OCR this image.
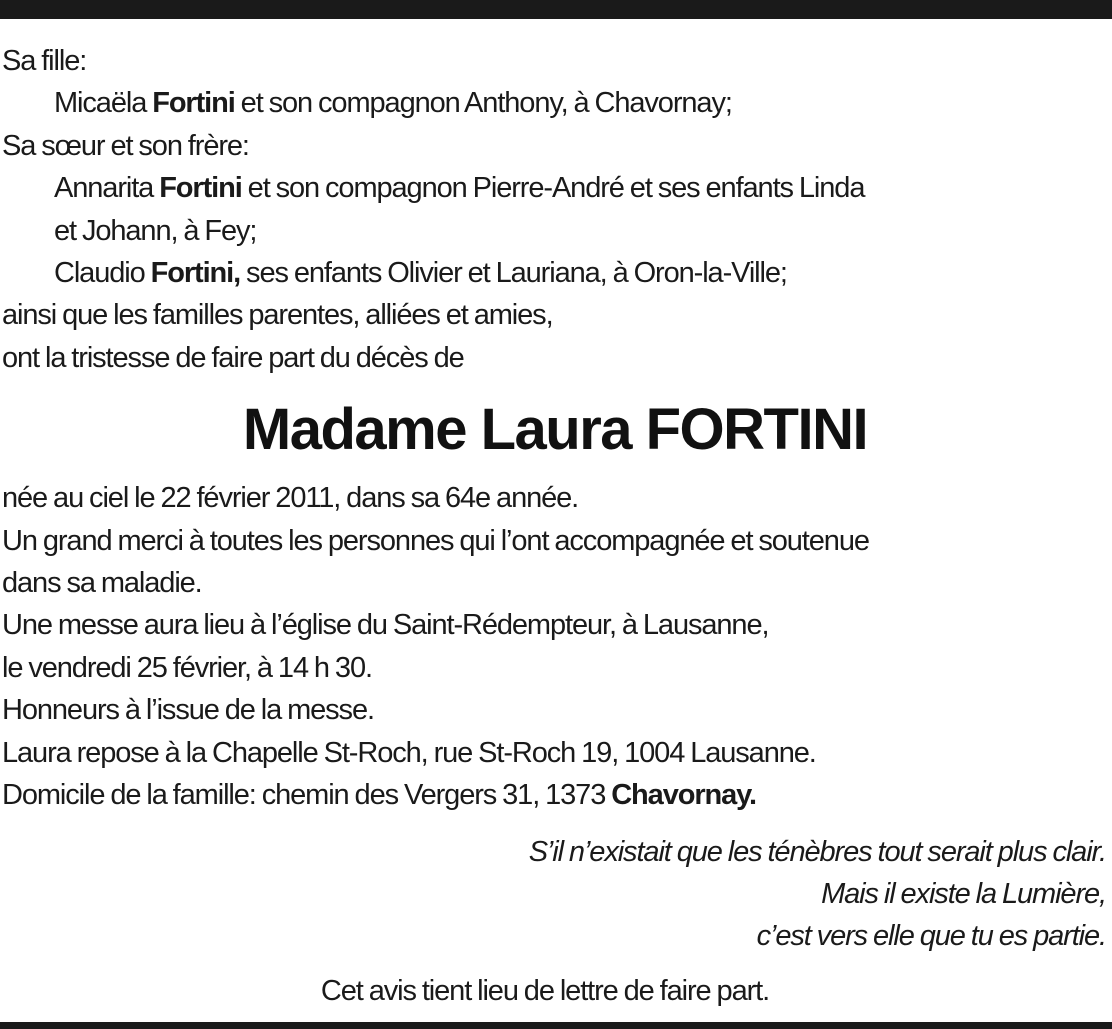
Sa fille:
Micaëla Fortini et son compagnon Anthony, à Chavornay;
Sa sœur et son frère:
Annarita Fortini et son compagnon Pierre-André et ses enfants Linda
et Johann, à Fey;
Claudio Fortini, ses enfants Olivier et Lauriana, à Oron-la-Ville;
ainsi que les familles parentes, alliées et amies,
ont la tristesse de faire part du décès de
Madame Laura FORTINI
née au ciel le 22 février 2011, dans sa 64e année.
Un grand merci à toutes les personnes qui l’ont accompagnée et soutenue
dans sa maladie.
Une messe aura lieu à l’église du Saint-Rédempteur, à Lausanne,
le vendredi 25 février, à 14 h 30.
Honneurs à l’issue de la messe.
Laura repose à la Chapelle St-Roch, rue St-Roch 19, 1004 Lausanne.
Domicile de la famille: chemin des Vergers 31, 1373 Chavornay.
S’il n’existait que les ténèbres tout serait plus clair.
Mais il existe la Lumière,
c’est vers elle que tu es partie.
Cet avis tient lieu de lettre de faire part.
